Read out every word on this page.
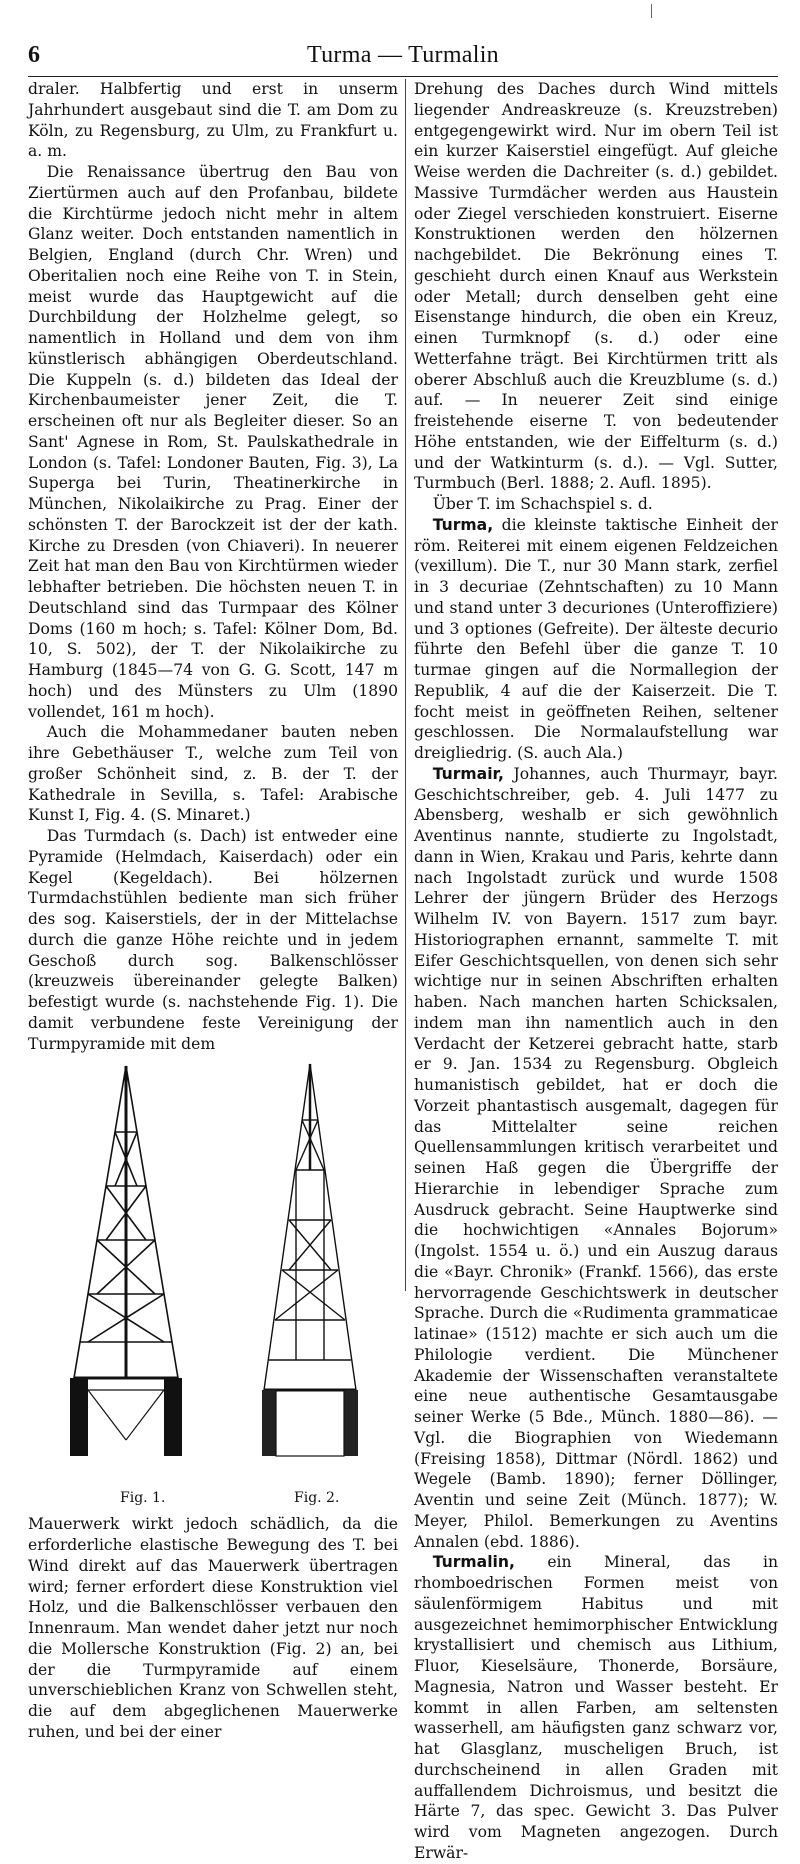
6	Turma — Turmalin

draler. Halbfertig und erst in unserm Jahrhundert ausgebaut sind die T. am Dom zu Köln, zu Regensburg, zu Ulm, zu Frankfurt u. a. m.

Die Renaissance übertrug den Bau von Ziertürmen auch auf den Profanbau, bildete die Kirchtürme jedoch nicht mehr in altem Glanz weiter. Doch entstanden namentlich in Belgien, England (durch Chr. Wren) und Oberitalien noch eine Reihe von T. in Stein, meist wurde das Hauptgewicht auf die Durchbildung der Holzhelme gelegt, so namentlich in Holland und dem von ihm künstlerisch abhängigen Oberdeutschland. Die Kuppeln (s. d.) bildeten das Ideal der Kirchenbaumeister jener Zeit, die T. erscheinen oft nur als Begleiter dieser. So an Sant' Agnese in Rom, St. Paulskathedrale in London (s. Tafel: Londoner Bauten, Fig. 3), La Superga bei Turin, Theatinerkirche in München, Nikolaikirche zu Prag. Einer der schönsten T. der Barockzeit ist der der kath. Kirche zu Dresden (von Chiaveri). In neuerer Zeit hat man den Bau von Kirchtürmen wieder lebhafter betrieben. Die höchsten neuen T. in Deutschland sind das Turmpaar des Kölner Doms (160 m hoch; s. Tafel: Kölner Dom, Bd. 10, S. 502), der T. der Nikolaikirche zu Hamburg (1845—74 von G. G. Scott, 147 m hoch) und des Münsters zu Ulm (1890 vollendet, 161 m hoch).

Auch die Mohammedaner bauten neben ihre Gebethäuser T., welche zum Teil von großer Schönheit sind, z. B. der T. der Kathedrale in Sevilla, s. Tafel: Arabische Kunst I, Fig. 4. (S. Minaret.)

Das Turmdach (s. Dach) ist entweder eine Pyramide (Helmdach, Kaiserdach) oder ein Kegel (Kegeldach). Bei hölzernen Turmdachstühlen bediente man sich früher des sog. Kaiserstiels, der in der Mittelachse durch die ganze Höhe reichte und in jedem Geschoß durch sog. Balkenschlösser (kreuzweis übereinander gelegte Balken) befestigt wurde (s. nachstehende Fig. 1). Die damit verbundene feste Vereinigung der Turmpyramide mit dem

Fig. 1.	Fig. 2.

Mauerwerk wirkt jedoch schädlich, da die erforderliche elastische Bewegung des T. bei Wind direkt auf das Mauerwerk übertragen wird; ferner erfordert diese Konstruktion viel Holz, und die Balkenschlösser verbauen den Innenraum. Man wendet daher jetzt nur noch die Mollersche Konstruktion (Fig. 2) an, bei der die Turmpyramide auf einem unverschieblichen Kranz von Schwellen steht, die auf dem abgeglichenen Mauerwerke ruhen, und bei der einer

Drehung des Daches durch Wind mittels liegender Andreaskreuze (s. Kreuzstreben) entgegengewirkt wird. Nur im obern Teil ist ein kurzer Kaiserstiel eingefügt. Auf gleiche Weise werden die Dachreiter (s. d.) gebildet. Massive Turmdächer werden aus Haustein oder Ziegel verschieden konstruiert. Eiserne Konstruktionen werden den hölzernen nachgebildet. Die Bekrönung eines T. geschieht durch einen Knauf aus Werkstein oder Metall; durch denselben geht eine Eisenstange hindurch, die oben ein Kreuz, einen Turmknopf (s. d.) oder eine Wetterfahne trägt. Bei Kirchtürmen tritt als oberer Abschluß auch die Kreuzblume (s. d.) auf. — In neuerer Zeit sind einige freistehende eiserne T. von bedeutender Höhe entstanden, wie der Eiffelturm (s. d.) und der Watkinturm (s. d.). — Vgl. Sutter, Turmbuch (Berl. 1888; 2. Aufl. 1895).

Über T. im Schachspiel s. d.

Turma, die kleinste taktische Einheit der röm. Reiterei mit einem eigenen Feldzeichen (vexillum). Die T., nur 30 Mann stark, zerfiel in 3 decuriae (Zehntschaften) zu 10 Mann und stand unter 3 decuriones (Unteroffiziere) und 3 optiones (Gefreite). Der älteste decurio führte den Befehl über die ganze T. 10 turmae gingen auf die Normallegion der Republik, 4 auf die der Kaiserzeit. Die T. focht meist in geöffneten Reihen, seltener geschlossen. Die Normalaufstellung war dreigliedrig. (S. auch Ala.)

Turmair, Johannes, auch Thurmayr, bayr. Geschichtschreiber, geb. 4. Juli 1477 zu Abensberg, weshalb er sich gewöhnlich Aventinus nannte, studierte zu Ingolstadt, dann in Wien, Krakau und Paris, kehrte dann nach Ingolstadt zurück und wurde 1508 Lehrer der jüngern Brüder des Herzogs Wilhelm IV. von Bayern. 1517 zum bayr. Historiographen ernannt, sammelte T. mit Eifer Geschichtsquellen, von denen sich sehr wichtige nur in seinen Abschriften erhalten haben. Nach manchen harten Schicksalen, indem man ihn namentlich auch in den Verdacht der Ketzerei gebracht hatte, starb er 9. Jan. 1534 zu Regensburg. Obgleich humanistisch gebildet, hat er doch die Vorzeit phantastisch ausgemalt, dagegen für das Mittelalter seine reichen Quellensammlungen kritisch verarbeitet und seinen Haß gegen die Übergriffe der Hierarchie in lebendiger Sprache zum Ausdruck gebracht. Seine Hauptwerke sind die hochwichtigen «Annales Bojorum» (Ingolst. 1554 u. ö.) und ein Auszug daraus die «Bayr. Chronik» (Frankf. 1566), das erste hervorragende Geschichtswerk in deutscher Sprache. Durch die «Rudimenta grammaticae latinae» (1512) machte er sich auch um die Philologie verdient. Die Münchener Akademie der Wissenschaften veranstaltete eine neue authentische Gesamtausgabe seiner Werke (5 Bde., Münch. 1880—86). — Vgl. die Biographien von Wiedemann (Freising 1858), Dittmar (Nördl. 1862) und Wegele (Bamb. 1890); ferner Döllinger, Aventin und seine Zeit (Münch. 1877); W. Meyer, Philol. Bemerkungen zu Aventins Annalen (ebd. 1886).

Turmalin, ein Mineral, das in rhomboedrischen Formen meist von säulenförmigem Habitus und mit ausgezeichnet hemimorphischer Entwicklung krystallisiert und chemisch aus Lithium, Fluor, Kieselsäure, Thonerde, Borsäure, Magnesia, Natron und Wasser besteht. Er kommt in allen Farben, am seltensten wasserhell, am häufigsten ganz schwarz vor, hat Glasglanz, muscheligen Bruch, ist durchscheinend in allen Graden mit auffallendem Dichroismus, und besitzt die Härte 7, das spec. Gewicht 3. Das Pulver wird vom Magneten angezogen. Durch Erwär-
